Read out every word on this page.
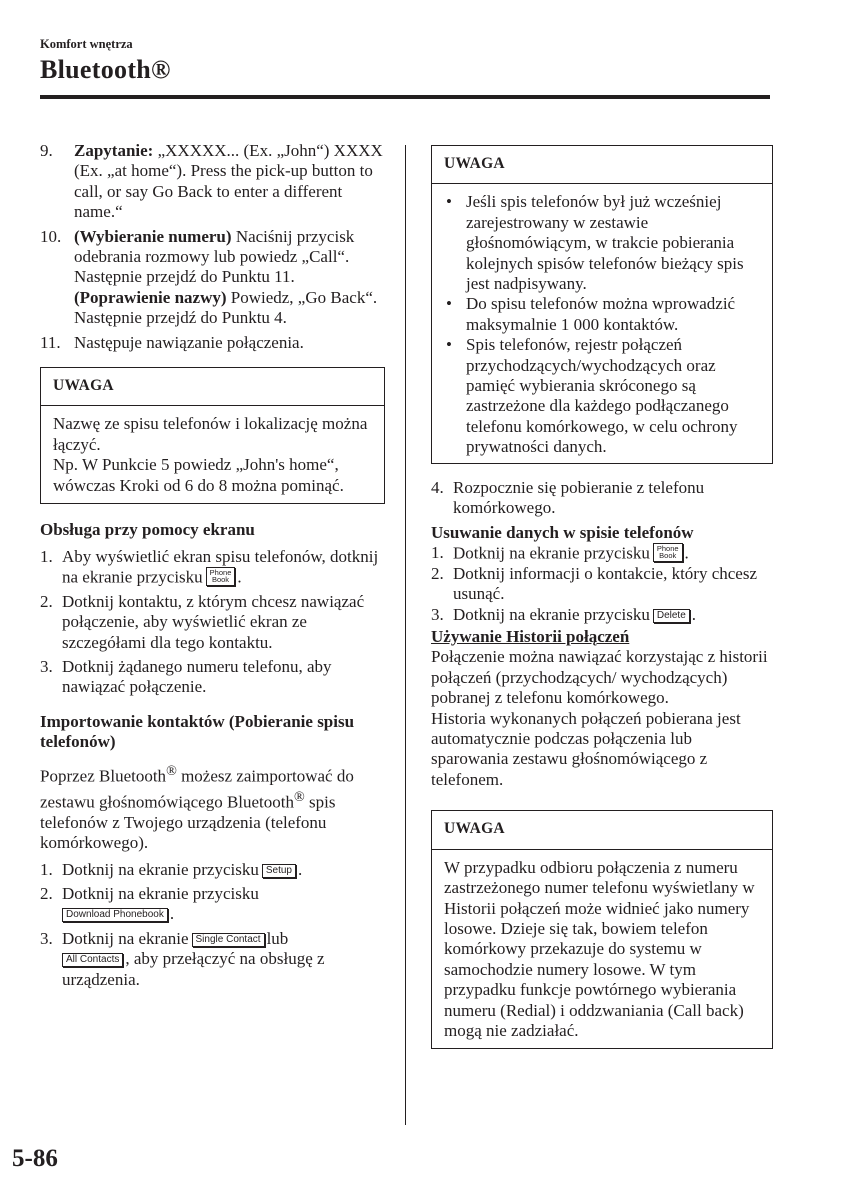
Komfort wnętrza
Bluetooth®
9. Zapytanie: „XXXXX... (Ex. „John“) XXXX (Ex. „at home“). Press the pick-up button to call, or say Go Back to enter a different name.“
10. (Wybieranie numeru) Naciśnij przycisk odebrania rozmowy lub powiedz „Call“. Następnie przejdź do Punktu 11.
(Poprawienie nazwy) Powiedz, „Go Back“.
Następnie przejdź do Punktu 4.
11. Następuje nawiązanie połączenia.
UWAGA
Nazwę ze spisu telefonów i lokalizację można łączyć.
Np. W Punkcie 5 powiedz „John's home“, wówczas Kroki od 6 do 8 można pominąć.
Obsługa przy pomocy ekranu
1. Aby wyświetlić ekran spisu telefonów, dotknij na ekranie przycisku Phone
Book .
2. Dotknij kontaktu, z którym chcesz nawiązać połączenie, aby wyświetlić ekran ze szczegółami dla tego kontaktu.
3. Dotknij żądanego numeru telefonu, aby nawiązać połączenie.
Importowanie kontaktów (Pobieranie spisu telefonów)

Poprzez Bluetooth® możesz zaimportować do zestawu głośnomówiącego Bluetooth® spis telefonów z Twojego urządzenia (telefonu komórkowego).

1. Dotknij na ekranie przycisku Setup .
2. Dotknij na ekranie przycisku
Download Phonebook .
3. Dotknij na ekranie Single Contact lub
All Contacts , aby przełączyć na obsługę z urządzenia.
UWAGA
• Jeśli spis telefonów był już wcześniej zarejestrowany w zestawie głośnomówiącym, w trakcie pobierania kolejnych spisów telefonów bieżący spis jest nadpisywany.
• Do spisu telefonów można wprowadzić maksymalnie 1 000 kontaktów.
• Spis telefonów, rejestr połączeń przychodzących/wychodzących oraz pamięć wybierania skróconego są zastrzeżone dla każdego podłączanego telefonu komórkowego, w celu ochrony prywatności danych.
4. Rozpocznie się pobieranie z telefonu komórkowego.
Usuwanie danych w spisie telefonów
1. Dotknij na ekranie przycisku Phone
Book .
2. Dotknij informacji o kontakcie, który chcesz usunąć.
3. Dotknij na ekranie przycisku Delete .
Używanie Historii połączeń
Połączenie można nawiązać korzystając z historii połączeń (przychodzących/ wychodzących) pobranej z telefonu komórkowego.
Historia wykonanych połączeń pobierana jest automatycznie podczas połączenia lub sparowania zestawu głośnomówiącego z telefonem.
UWAGA
W przypadku odbioru połączenia z numeru zastrzeżonego numer telefonu wyświetlany w Historii połączeń może widnieć jako numery losowe. Dzieje się tak, bowiem telefon komórkowy przekazuje do systemu w samochodzie numery losowe. W tym przypadku funkcje powtórnego wybierania numeru (Redial) i oddzwaniania (Call back) mogą nie zadziałać.
5-86
